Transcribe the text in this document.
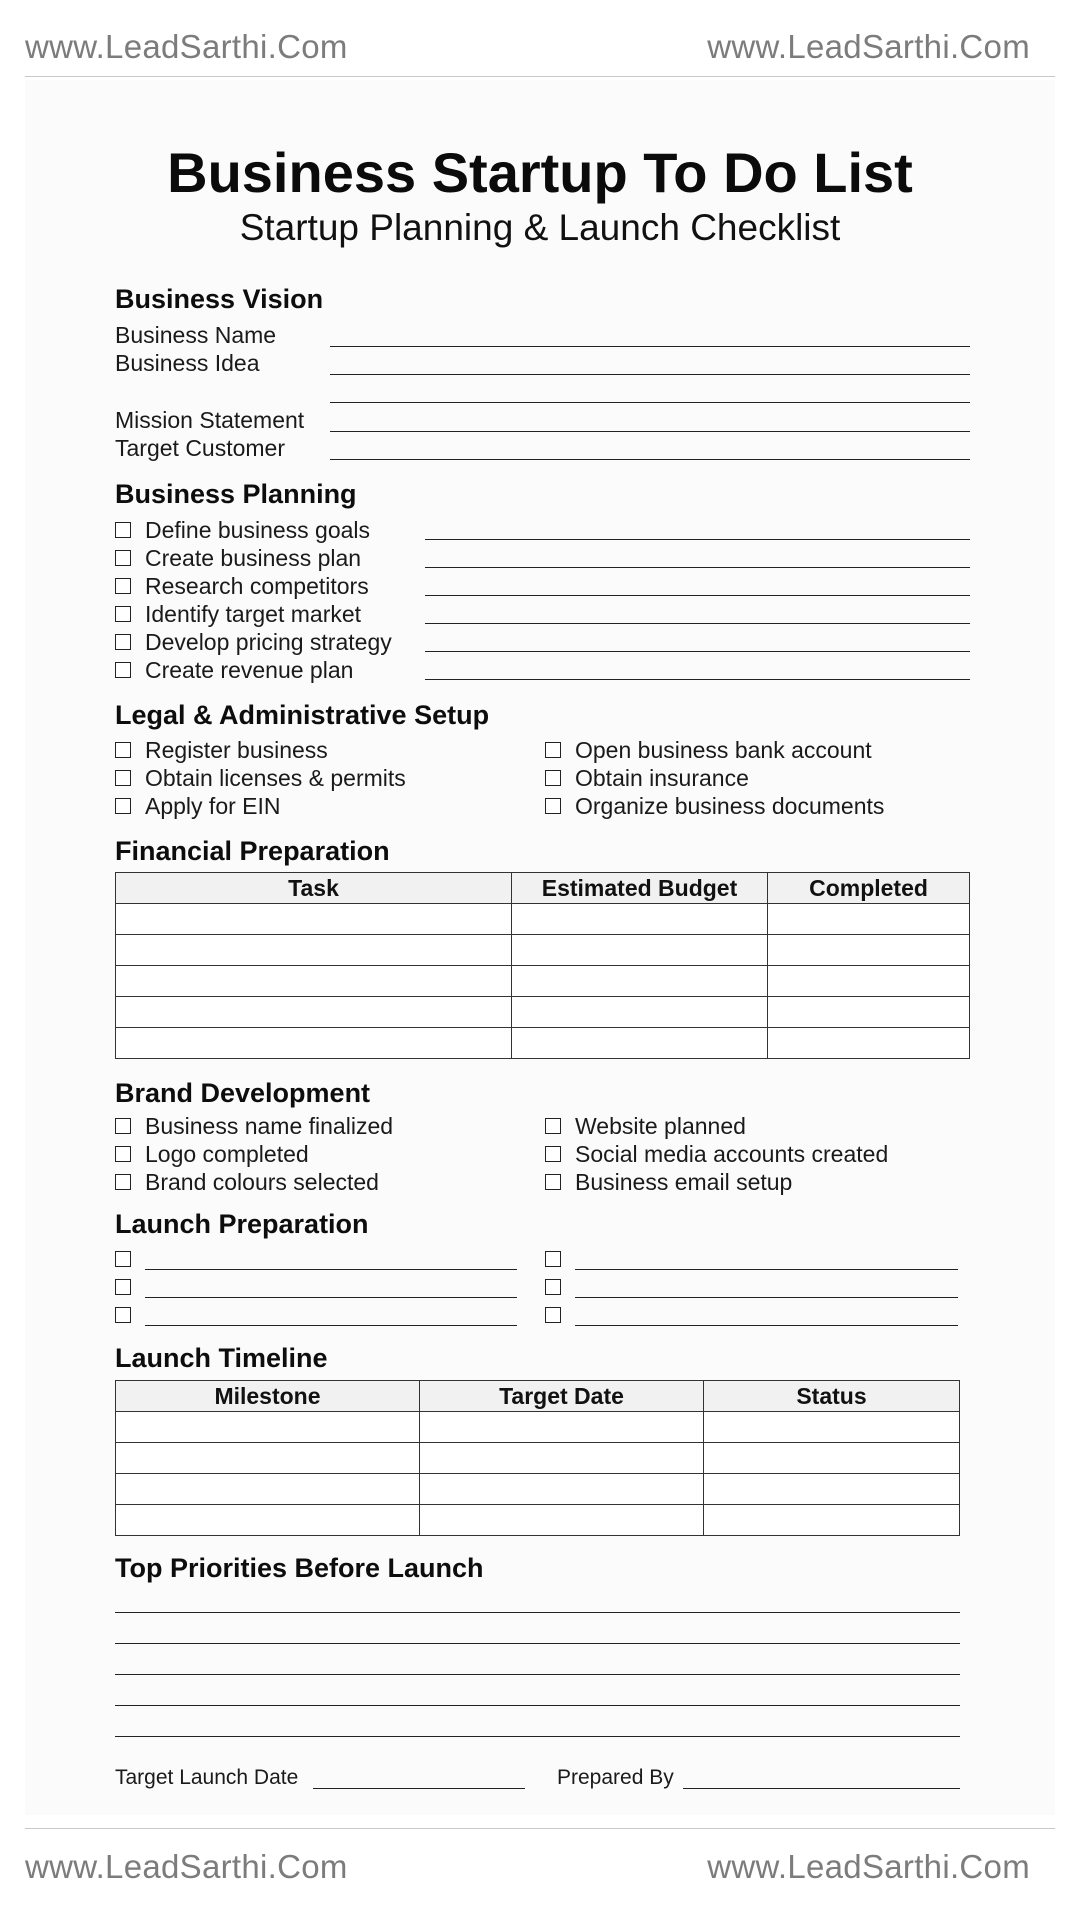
www.LeadSarthi.Com	www.LeadSarthi.Com
www.LeadSarthi.Com	www.LeadSarthi.Com
Business Startup To Do List
Startup Planning & Launch Checklist
Business Vision
Business Name
Business Idea
Mission Statement
Target Customer
Business Planning
Define business goals
Create business plan
Research competitors
Identify target market
Develop pricing strategy
Create revenue plan
Legal & Administrative Setup
Register business
Obtain licenses & permits
Apply for EIN
Open business bank account
Obtain insurance
Organize business documents
Financial Preparation
Task	Estimated Budget	Completed

Brand Development
Business name finalized
Logo completed
Brand colours selected
Website planned
Social media accounts created
Business email setup
Launch Preparation
Launch Timeline
Milestone	Target Date	Status

Top Priorities Before Launch
Target Launch Date	Prepared By
